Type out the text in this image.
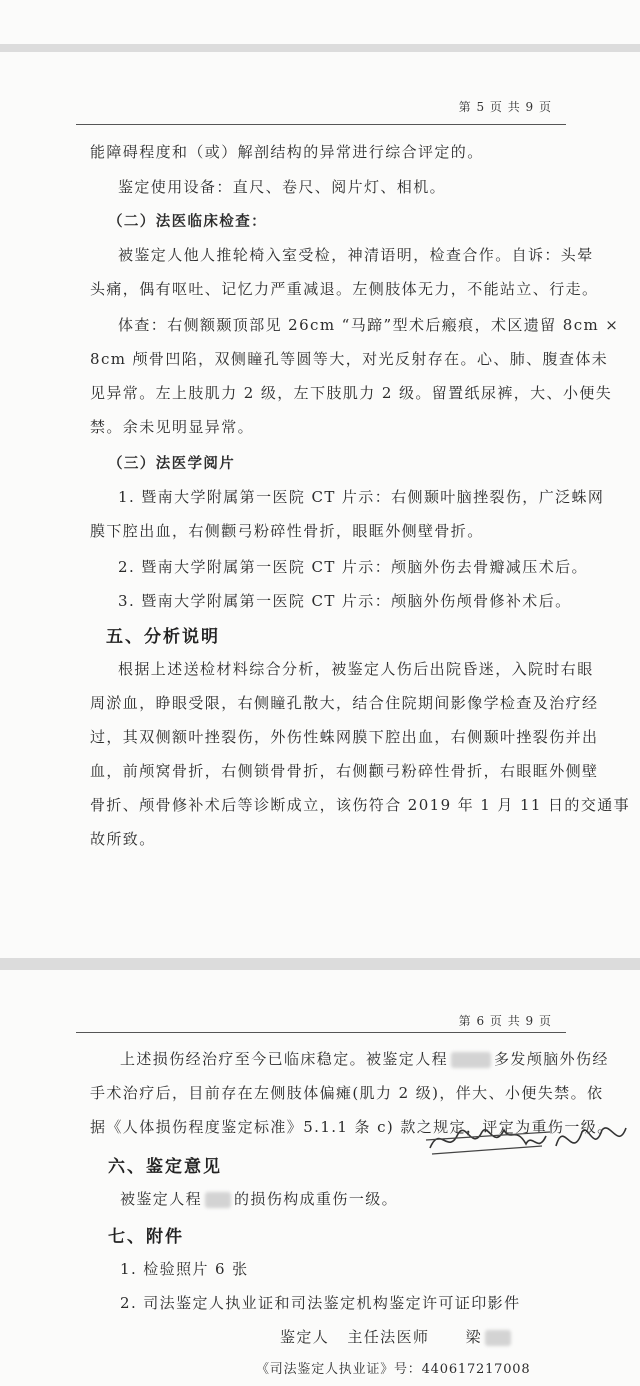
第 5 页 共 9 页
能障碍程度和（或）解剖结构的异常进行综合评定的。
鉴定使用设备：直尺、卷尺、阅片灯、相机。
（二）法医临床检查：
被鉴定人他人推轮椅入室受检，神清语明，检查合作。自诉：头晕
头痛，偶有呕吐、记忆力严重减退。左侧肢体无力，不能站立、行走。
体查：右侧额颞顶部见 26cm “马蹄”型术后瘢痕，术区遗留 8cm ×
8cm 颅骨凹陷，双侧瞳孔等圆等大，对光反射存在。心、肺、腹查体未
见异常。左上肢肌力 2 级，左下肢肌力 2 级。留置纸尿裤，大、小便失
禁。余未见明显异常。
（三）法医学阅片
1. 暨南大学附属第一医院 CT 片示：右侧颞叶脑挫裂伤，广泛蛛网
膜下腔出血，右侧颧弓粉碎性骨折，眼眶外侧壁骨折。
2. 暨南大学附属第一医院 CT 片示：颅脑外伤去骨瓣减压术后。
3. 暨南大学附属第一医院 CT 片示：颅脑外伤颅骨修补术后。
五、分析说明
根据上述送检材料综合分析，被鉴定人伤后出院昏迷，入院时右眼
周淤血，睁眼受限，右侧瞳孔散大，结合住院期间影像学检查及治疗经
过，其双侧额叶挫裂伤，外伤性蛛网膜下腔出血，右侧颞叶挫裂伤并出
血，前颅窝骨折，右侧锁骨骨折，右侧颧弓粉碎性骨折，右眼眶外侧壁
骨折、颅骨修补术后等诊断成立，该伤符合 2019 年 1 月 11 日的交通事
故所致。
第 6 页 共 9 页
上述损伤经治疗至今已临床稳定。被鉴定人程	多发颅脑外伤经
手术治疗后，目前存在左侧肢体偏瘫(肌力 2 级)，伴大、小便失禁。依
据《人体损伤程度鉴定标准》5.1.1 条 c) 款之规定，评定为重伤一级。
六、鉴定意见
被鉴定人程 的损伤构成重伤一级。
七、附件
1. 检验照片 6 张
2. 司法鉴定人执业证和司法鉴定机构鉴定许可证印影件
鉴定人 主任法医师 梁
《司法鉴定人执业证》号：440617217008
